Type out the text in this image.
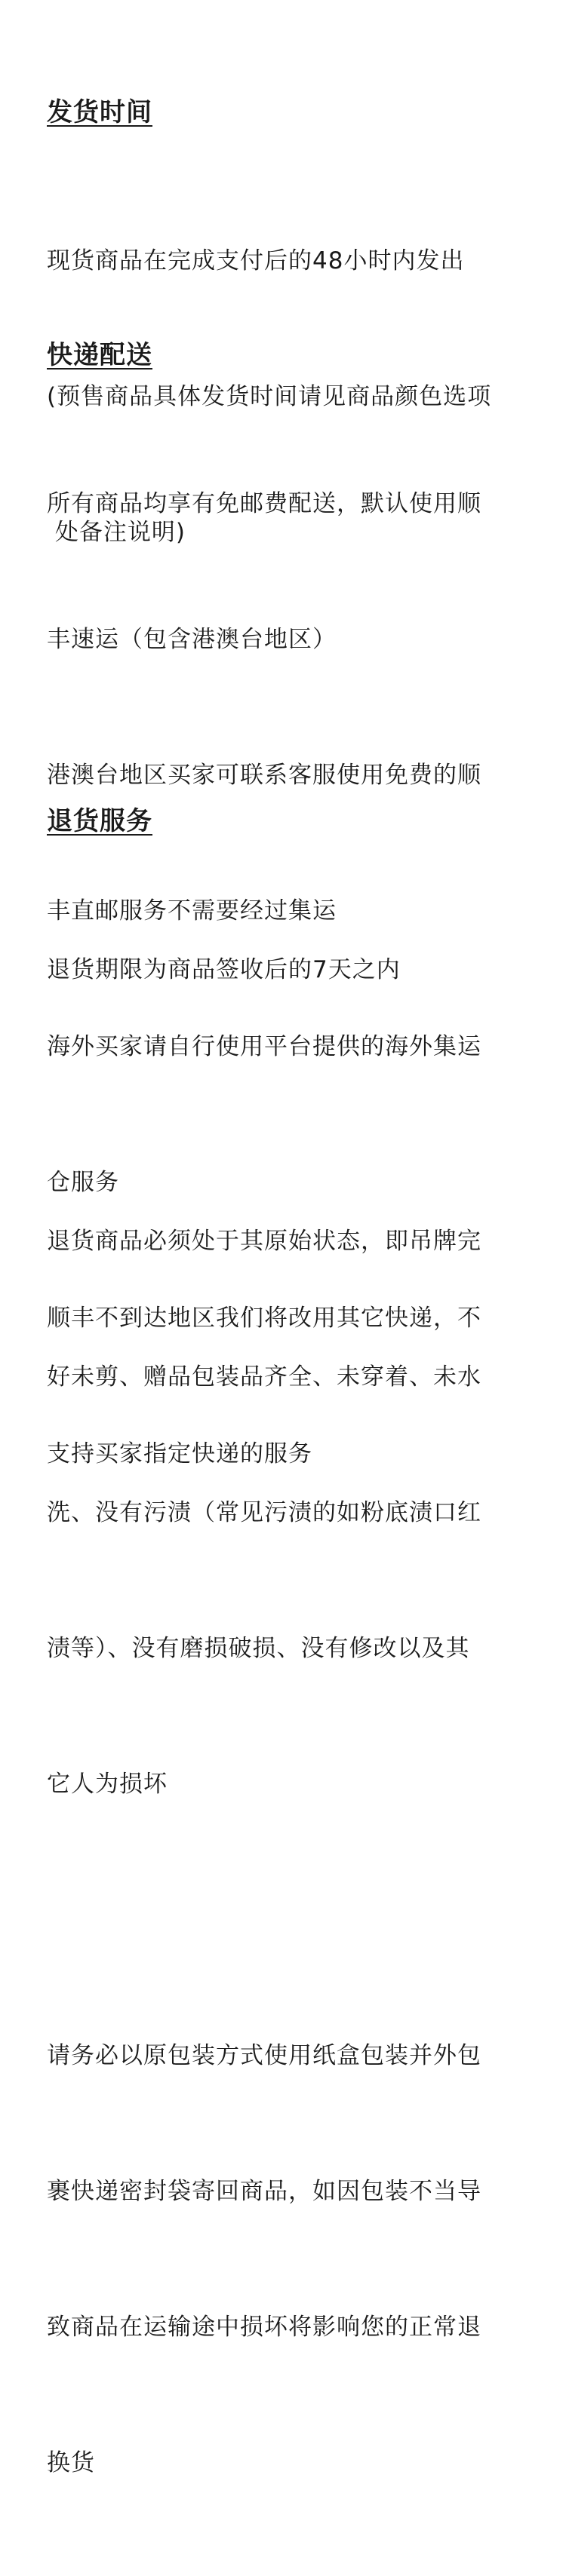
发货时间

现货商品在完成支付后的48小时内发出

(预售商品具体发货时间请见商品颜色选项

处备注说明)

快递配送

所有商品均享有免邮费配送，默认使用顺

丰速运（包含港澳台地区）

港澳台地区买家可联系客服使用免费的顺

丰直邮服务不需要经过集运

海外买家请自行使用平台提供的海外集运

仓服务

顺丰不到达地区我们将改用其它快递，不

支持买家指定快递的服务

退货服务

退货期限为商品签收后的7天之内

退货商品必须处于其原始状态，即吊牌完

好未剪、赠品包装品齐全、未穿着、未水

洗、没有污渍（常见污渍的如粉底渍口红

渍等）、没有磨损破损、没有修改以及其

它人为损坏

请务必以原包装方式使用纸盒包装并外包

裹快递密封袋寄回商品，如因包装不当导

致商品在运输途中损坏将影响您的正常退

换货
